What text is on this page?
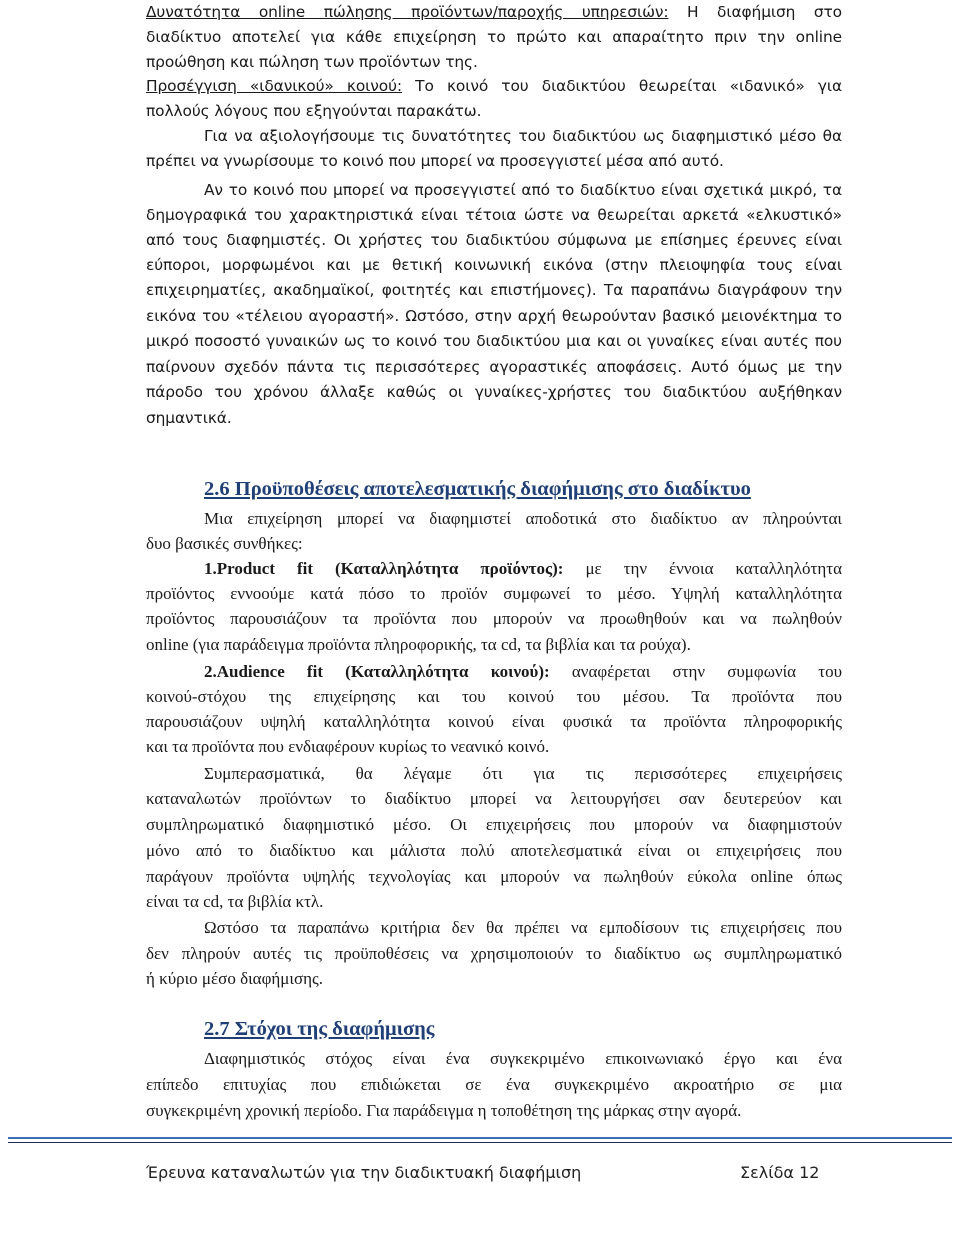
Δυνατότητα online πώλησης προϊόντων/παροχής υπηρεσιών: Η διαφήμιση στο
διαδίκτυο αποτελεί για κάθε επιχείρηση το πρώτο και απαραίτητο πριν την online
προώθηση και πώληση των προϊόντων της.
Προσέγγιση «ιδανικού» κοινού: Το κοινό του διαδικτύου θεωρείται «ιδανικό» για
πολλούς λόγους που εξηγούνται παρακάτω.
Για να αξιολογήσουμε τις δυνατότητες του διαδικτύου ως διαφημιστικό μέσο θα
πρέπει να γνωρίσουμε το κοινό που μπορεί να προσεγγιστεί μέσα από αυτό.
Αν το κοινό που μπορεί να προσεγγιστεί από το διαδίκτυο είναι σχετικά μικρό, τα
δημογραφικά του χαρακτηριστικά είναι τέτοια ώστε να θεωρείται αρκετά «ελκυστικό»
από τους διαφημιστές. Οι χρήστες του διαδικτύου σύμφωνα με επίσημες έρευνες είναι
εύποροι, μορφωμένοι και με θετική κοινωνική εικόνα (στην πλειοψηφία τους είναι
επιχειρηματίες, ακαδημαϊκοί, φοιτητές και επιστήμονες). Τα παραπάνω διαγράφουν την
εικόνα του «τέλειου αγοραστή». Ωστόσο, στην αρχή θεωρούνταν βασικό μειονέκτημα το
μικρό ποσοστό γυναικών ως το κοινό του διαδικτύου μια και οι γυναίκες είναι αυτές που
παίρνουν σχεδόν πάντα τις περισσότερες αγοραστικές αποφάσεις. Αυτό όμως με την
πάροδο του χρόνου άλλαξε καθώς οι γυναίκες-χρήστες του διαδικτύου αυξήθηκαν
σημαντικά.
2.6 Προϋποθέσεις αποτελεσματικής διαφήμισης στο διαδίκτυο
Μια επιχείρηση μπορεί να διαφημιστεί αποδοτικά στο διαδίκτυο αν πληρούνται
δυο βασικές συνθήκες:
1.Product fit (Καταλληλότητα προϊόντος): με την έννοια καταλληλότητα
προϊόντος εννοούμε κατά πόσο το προϊόν συμφωνεί το μέσο. Υψηλή καταλληλότητα
προϊόντος παρουσιάζουν τα προϊόντα που μπορούν να προωθηθούν και να πωληθούν
online (για παράδειγμα προϊόντα πληροφορικής, τα cd, τα βιβλία και τα ρούχα).
2.Audience fit (Καταλληλότητα κοινού): αναφέρεται στην συμφωνία του
κοινού-στόχου της επιχείρησης και του κοινού του μέσου. Τα προϊόντα που
παρουσιάζουν υψηλή καταλληλότητα κοινού είναι φυσικά τα προϊόντα πληροφορικής
και τα προϊόντα που ενδιαφέρουν κυρίως το νεανικό κοινό.
Συμπερασματικά, θα λέγαμε ότι για τις περισσότερες επιχειρήσεις
καταναλωτών προϊόντων το διαδίκτυο μπορεί να λειτουργήσει σαν δευτερεύον και
συμπληρωματικό διαφημιστικό μέσο. Οι επιχειρήσεις που μπορούν να διαφημιστούν
μόνο από το διαδίκτυο και μάλιστα πολύ αποτελεσματικά είναι οι επιχειρήσεις που
παράγουν προϊόντα υψηλής τεχνολογίας και μπορούν να πωληθούν εύκολα online όπως
είναι τα cd, τα βιβλία κτλ.
Ωστόσο τα παραπάνω κριτήρια δεν θα πρέπει να εμποδίσουν τις επιχειρήσεις που
δεν πληρούν αυτές τις προϋποθέσεις να χρησιμοποιούν το διαδίκτυο ως συμπληρωματικό
ή κύριο μέσο διαφήμισης.
2.7 Στόχοι της διαφήμισης
Διαφημιστικός στόχος είναι ένα συγκεκριμένο επικοινωνιακό έργο και ένα
επίπεδο επιτυχίας που επιδιώκεται σε ένα συγκεκριμένο ακροατήριο σε μια
συγκεκριμένη χρονική περίοδο. Για παράδειγμα η τοποθέτηση της μάρκας στην αγορά.
Έρευνα καταναλωτών για την διαδικτυακή διαφήμιση	Σελίδα 12
